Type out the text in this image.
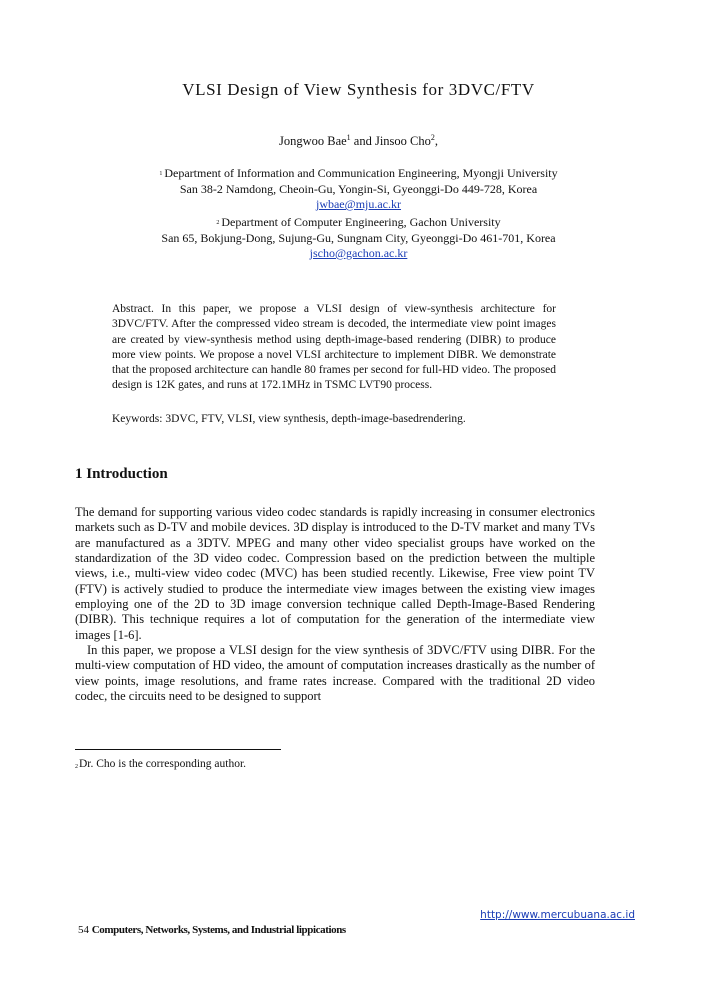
VLSI Design of View Synthesis for 3DVC/FTV
Jongwoo Bae$^1$ and Jinsoo Cho$^2$,
$^1$ Department of Information and Communication Engineering, Myongji University
San 38-2 Namdong, Cheoin-Gu, Yongin-Si, Gyeonggi-Do 449-728, Korea
jwbae@mju.ac.kr
$^2$ Department of Computer Engineering, Gachon University
San 65, Bokjung-Dong, Sujung-Gu, Sungnam City, Gyeonggi-Do 461-701, Korea
jscho@gachon.ac.kr
Abstract. In this paper, we propose a VLSI design of view-synthesis architecture for 3DVC/FTV. After the compressed video stream is decoded, the intermediate view point images are created by view-synthesis method using depth-image-based rendering (DIBR) to produce more view points. We propose a novel VLSI architecture to implement DIBR. We demonstrate that the proposed architecture can handle 80 frames per second for full-HD video. The proposed design is 12K gates, and runs at 172.1MHz in TSMC LVT90 process.
Keywords: 3DVC, FTV, VLSI, view synthesis, depth-image-basedrendering.
1 Introduction

The demand for supporting various video codec standards is rapidly increasing in consumer electronics markets such as D-TV and mobile devices. 3D display is introduced to the D-TV market and many TVs are manufactured as a 3DTV. MPEG and many other video specialist groups have worked on the standardization of the 3D video codec. Compression based on the prediction between the multiple views, i.e., multi-view video codec (MVC) has been studied recently. Likewise, Free view point TV (FTV) is actively studied to produce the intermediate view images between the existing view images employing one of the 2D to 3D image conversion technique called Depth-Image-Based Rendering (DIBR). This technique requires a lot of computation for the generation of the intermediate view images [1-6].

In this paper, we propose a VLSI design for the view synthesis of 3DVC/FTV using DIBR. For the multi-view computation of HD video, the amount of computation increases drastically as the number of view points, image resolutions, and frame rates increase. Compared with the traditional 2D video codec, the circuits need to be designed to support

2Dr. Cho is the corresponding author.
http://www.mercubuana.ac.id
54 Computers, Networks, Systems, and Industrial lippications
